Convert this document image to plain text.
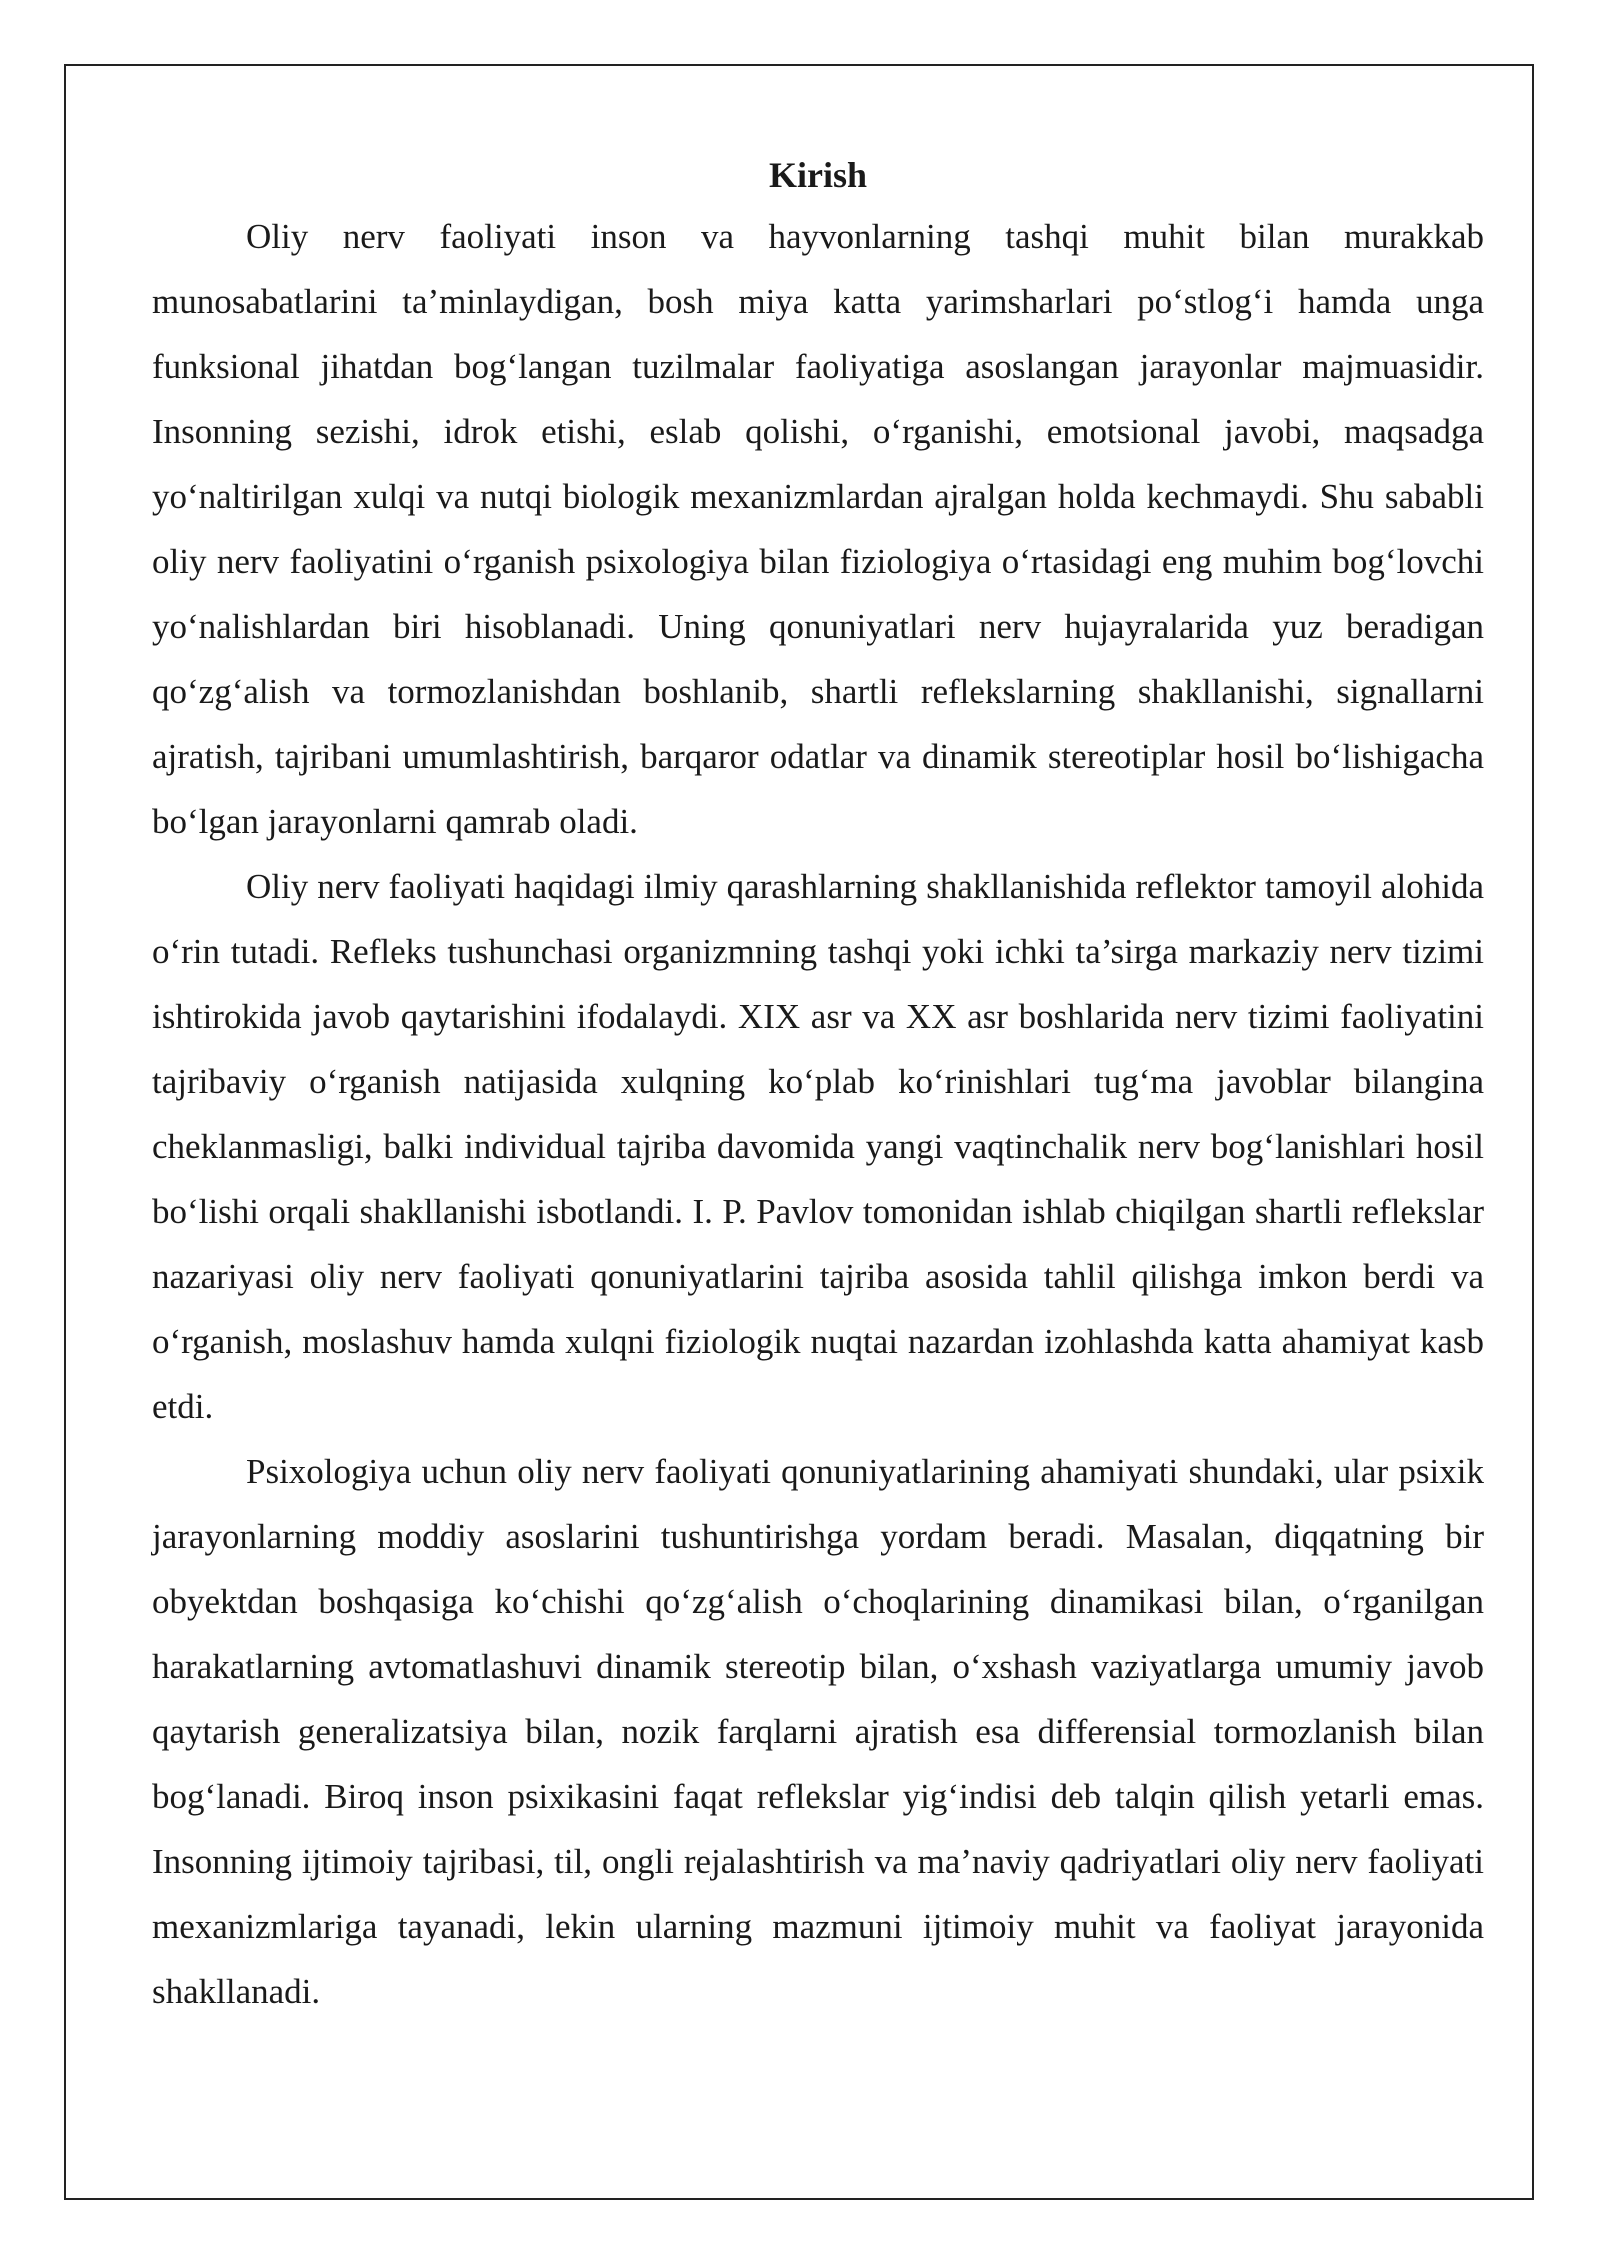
Kirish

Oliy nerv faoliyati inson va hayvonlarning tashqi muhit bilan murakkab munosabatlarini ta’minlaydigan, bosh miya katta yarimsharlari po‘stlog‘i hamda unga funksional jihatdan bog‘langan tuzilmalar faoliyatiga asoslangan jarayonlar majmuasidir. Insonning sezishi, idrok etishi, eslab qolishi, o‘rganishi, emotsional javobi, maqsadga yo‘naltirilgan xulqi va nutqi biologik mexanizmlardan ajralgan holda kechmaydi. Shu sababli oliy nerv faoliyatini o‘rganish psixologiya bilan fiziologiya o‘rtasidagi eng muhim bog‘lovchi yo‘nalishlardan biri hisoblanadi. Uning qonuniyatlari nerv hujayralarida yuz beradigan qo‘zg‘alish va tormozlanishdan boshlanib, shartli reflekslarning shakllanishi, signallarni ajratish, tajribani umumlashtirish, barqaror odatlar va dinamik stereotiplar hosil bo‘lishigacha bo‘lgan jarayonlarni qamrab oladi.

Oliy nerv faoliyati haqidagi ilmiy qarashlarning shakllanishida reflektor tamoyil alohida o‘rin tutadi. Refleks tushunchasi organizmning tashqi yoki ichki ta’sirga markaziy nerv tizimi ishtirokida javob qaytarishini ifodalaydi. XIX asr va XX asr boshlarida nerv tizimi faoliyatini tajribaviy o‘rganish natijasida xulqning ko‘plab ko‘rinishlari tug‘ma javoblar bilangina cheklanmasligi, balki individual tajriba davomida yangi vaqtinchalik nerv bog‘lanishlari hosil bo‘lishi orqali shakllanishi isbotlandi. I. P. Pavlov tomonidan ishlab chiqilgan shartli reflekslar nazariyasi oliy nerv faoliyati qonuniyatlarini tajriba asosida tahlil qilishga imkon berdi va o‘rganish, moslashuv hamda xulqni fiziologik nuqtai nazardan izohlashda katta ahamiyat kasb etdi.

Psixologiya uchun oliy nerv faoliyati qonuniyatlarining ahamiyati shundaki, ular psixik jarayonlarning moddiy asoslarini tushuntirishga yordam beradi. Masalan, diqqatning bir obyektdan boshqasiga ko‘chishi qo‘zg‘alish o‘choqlarining dinamikasi bilan, o‘rganilgan harakatlarning avtomatlashuvi dinamik stereotip bilan, o‘xshash vaziyatlarga umumiy javob qaytarish generalizatsiya bilan, nozik farqlarni ajratish esa differensial tormozlanish bilan bog‘lanadi. Biroq inson psixikasini faqat reflekslar yig‘indisi deb talqin qilish yetarli emas. Insonning ijtimoiy tajribasi, til, ongli rejalashtirish va ma’naviy qadriyatlari oliy nerv faoliyati mexanizmlariga tayanadi, lekin ularning mazmuni ijtimoiy muhit va faoliyat jarayonida shakllanadi.
